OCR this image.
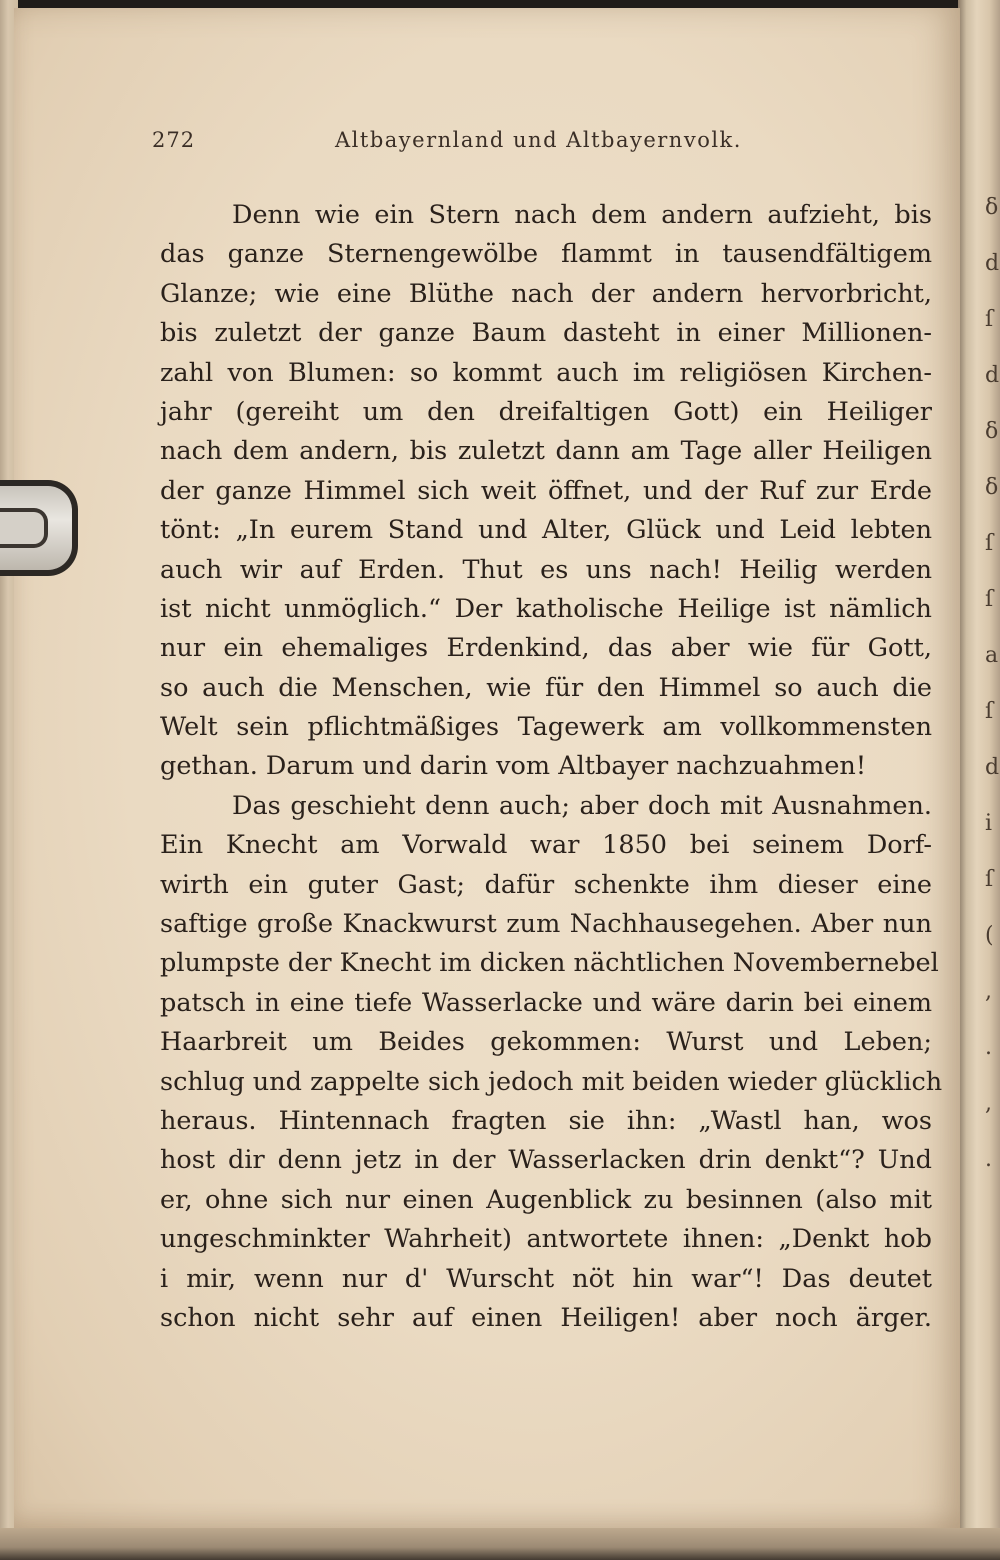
ẟ
d
ſ
d
ẟ
ẟ
ſ
ſ
a
ſ
d
i
ſ
(
,
.
,
.
272	Altbayernland und Altbayernvolk.
Denn wie ein Stern nach dem andern aufzieht, bis
das ganze Sternengewölbe flammt in tausendfältigem
Glanze; wie eine Blüthe nach der andern hervorbricht,
bis zuletzt der ganze Baum dasteht in einer Millionen-
zahl von Blumen: so kommt auch im religiösen Kirchen-
jahr (gereiht um den dreifaltigen Gott) ein Heiliger
nach dem andern, bis zuletzt dann am Tage aller Heiligen
der ganze Himmel sich weit öffnet, und der Ruf zur Erde
tönt: „In eurem Stand und Alter, Glück und Leid lebten
auch wir auf Erden. Thut es uns nach! Heilig werden
ist nicht unmöglich.“ Der katholische Heilige ist nämlich
nur ein ehemaliges Erdenkind, das aber wie für Gott,
so auch die Menschen, wie für den Himmel so auch die
Welt sein pflichtmäßiges Tagewerk am vollkommensten
gethan. Darum und darin vom Altbayer nachzuahmen!
Das geschieht denn auch; aber doch mit Ausnahmen.
Ein Knecht am Vorwald war 1850 bei seinem Dorf-
wirth ein guter Gast; dafür schenkte ihm dieser eine
saftige große Knackwurst zum Nachhausegehen. Aber nun
plumpste der Knecht im dicken nächtlichen Novembernebel
patsch in eine tiefe Wasserlacke und wäre darin bei einem
Haarbreit um Beides gekommen: Wurst und Leben;
schlug und zappelte sich jedoch mit beiden wieder glücklich
heraus. Hintennach fragten sie ihn: „Wastl han, wos
host dir denn jetz in der Wasserlacken drin denkt“? Und
er, ohne sich nur einen Augenblick zu besinnen (also mit
ungeschminkter Wahrheit) antwortete ihnen: „Denkt hob
i mir, wenn nur d' Wurscht nöt hin war“! Das deutet
schon nicht sehr auf einen Heiligen! aber noch ärger.
